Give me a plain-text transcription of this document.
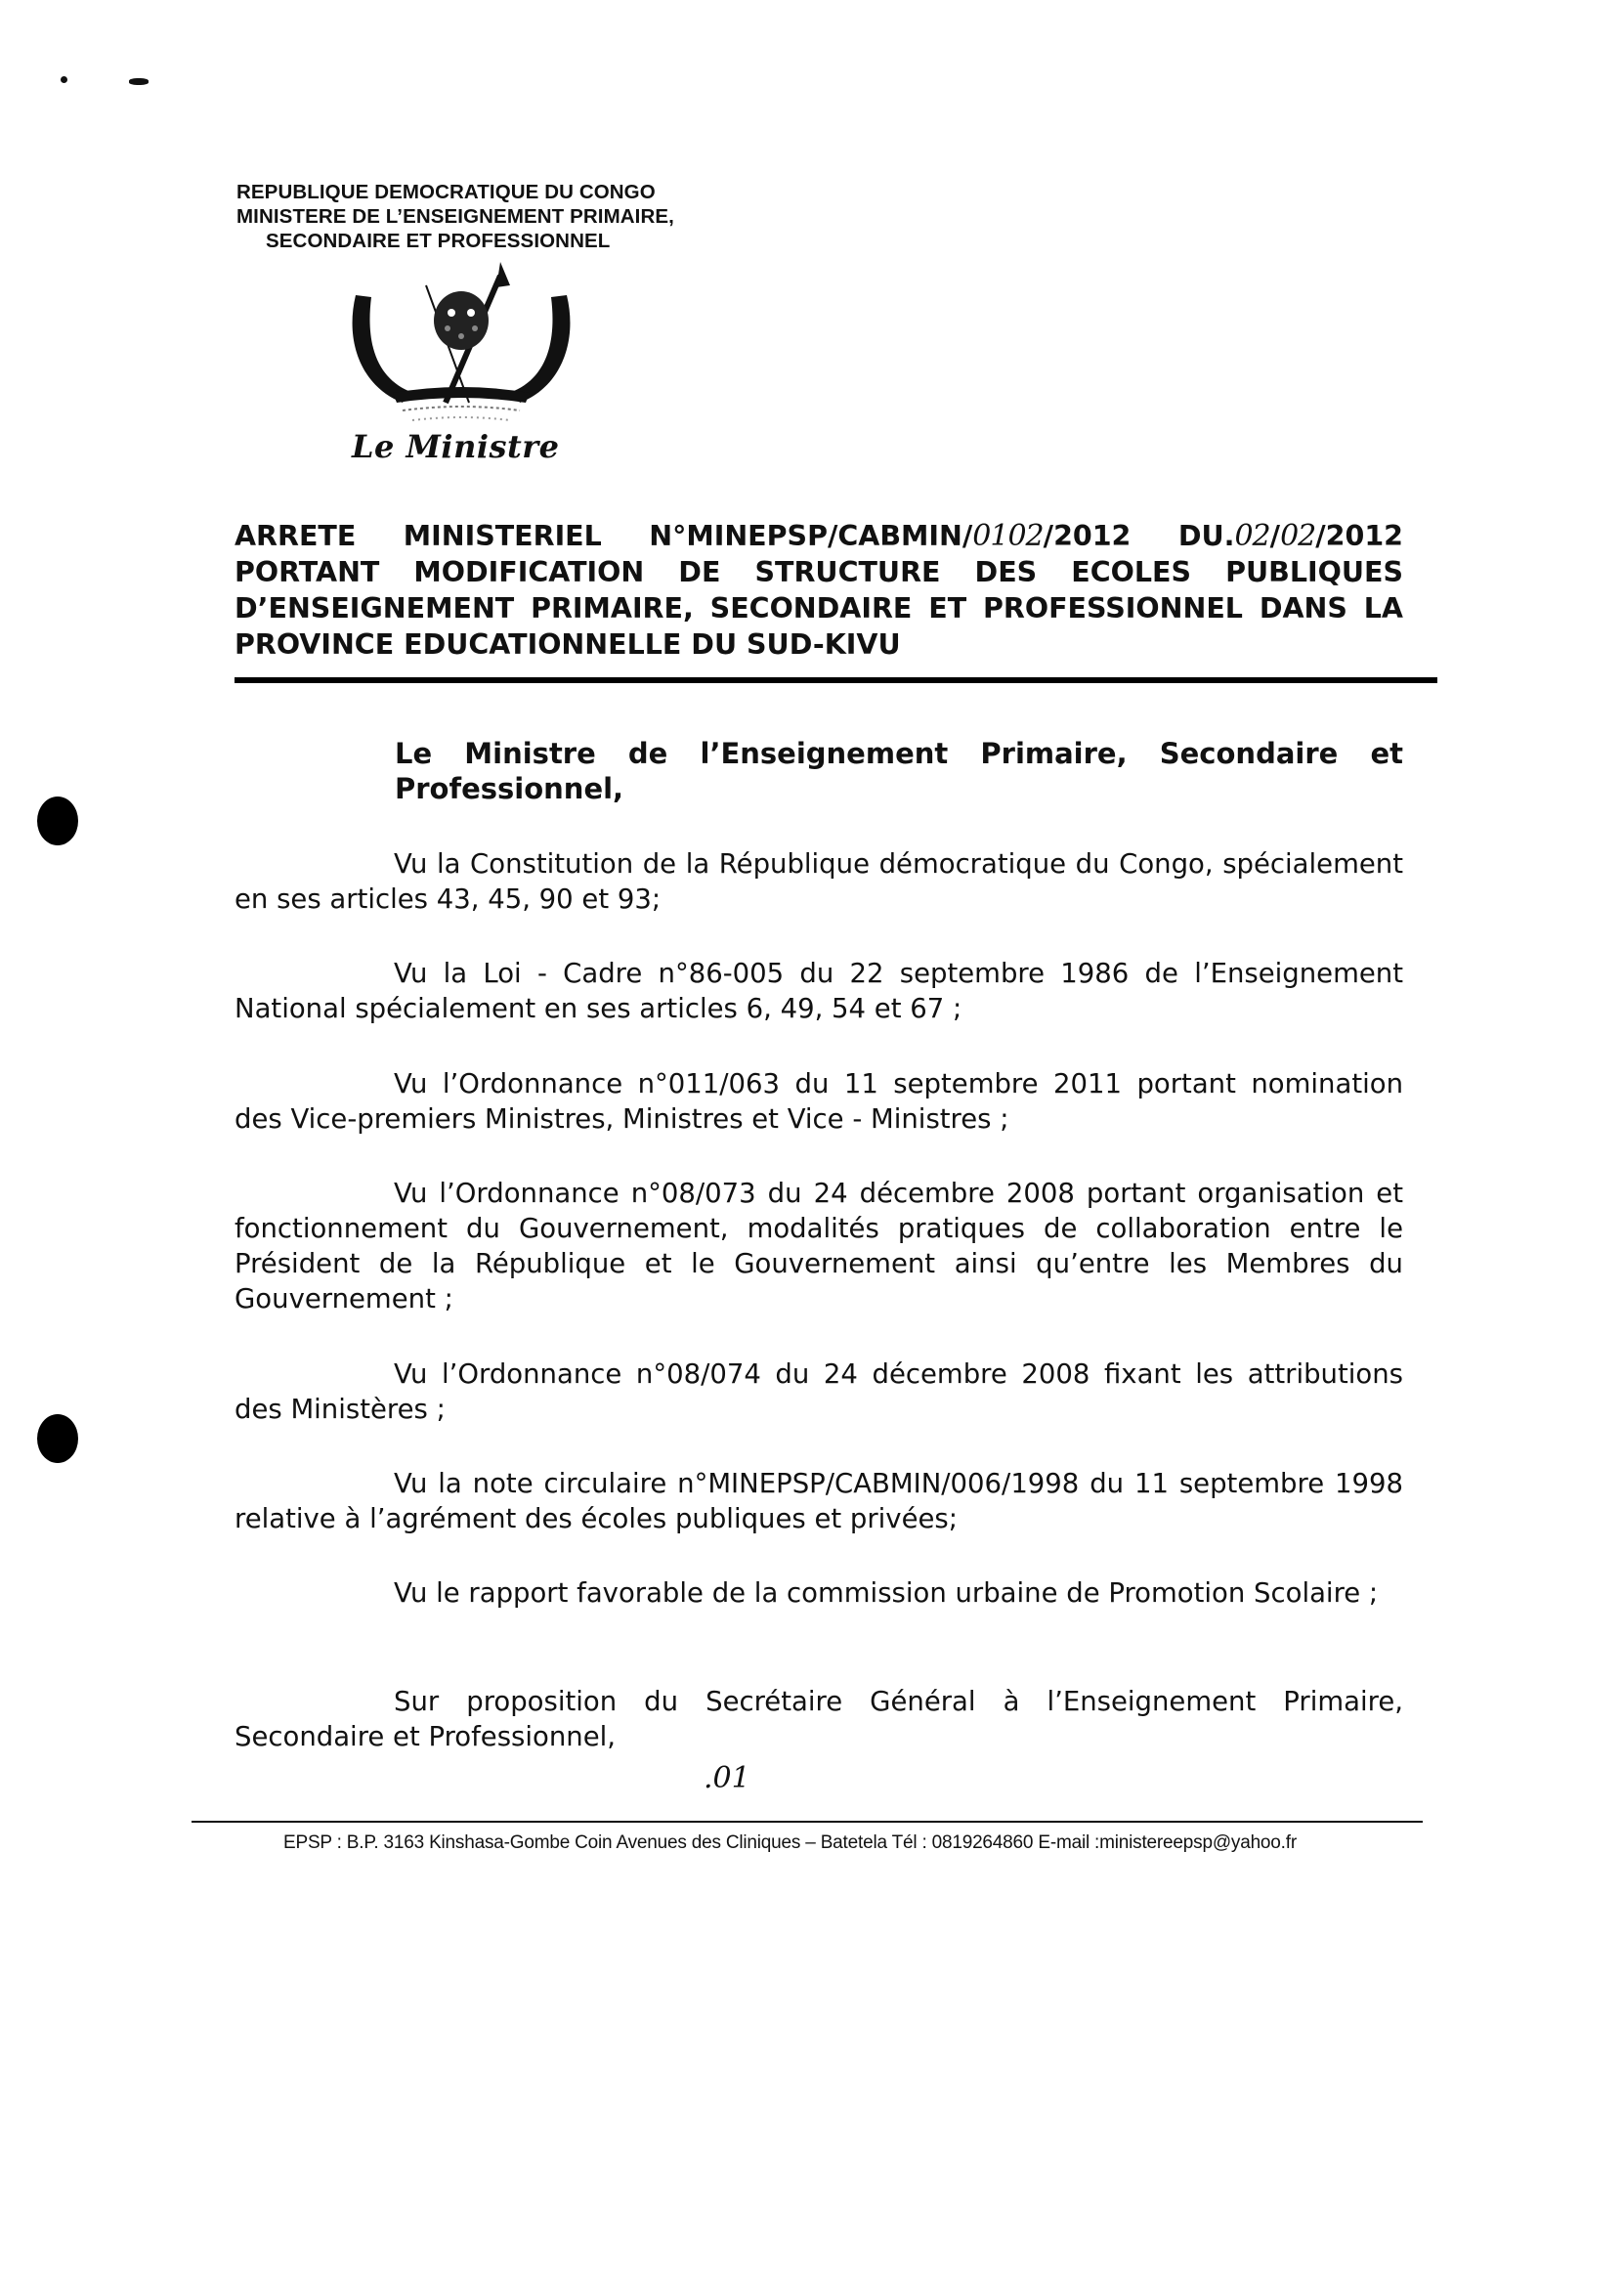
REPUBLIQUE DEMOCRATIQUE DU CONGO
MINISTERE DE L’ENSEIGNEMENT PRIMAIRE,
SECONDAIRE ET PROFESSIONNEL
Le Ministre
ARRETE MINISTERIEL N°MINEPSP/CABMIN/0102/2012 DU.02/02/2012
PORTANT MODIFICATION DE STRUCTURE DES ECOLES PUBLIQUES
D’ENSEIGNEMENT PRIMAIRE, SECONDAIRE ET PROFESSIONNEL DANS LA
PROVINCE EDUCATIONNELLE DU SUD-KIVU
Le Ministre de l’Enseignement Primaire, Secondaire et Professionnel,

Vu la Constitution de la République démocratique du Congo, spécialement en ses articles 43, 45, 90 et 93;

Vu la Loi - Cadre n°86-005 du 22 septembre 1986 de l’Enseignement National spécialement en ses articles 6, 49, 54 et 67 ;

Vu l’Ordonnance n°011/063 du 11 septembre 2011 portant nomination des Vice-premiers Ministres, Ministres et Vice - Ministres ;

Vu l’Ordonnance n°08/073 du 24 décembre 2008 portant organisation et fonctionnement du Gouvernement, modalités pratiques de collaboration entre le Président de la République et le Gouvernement ainsi qu’entre les Membres du Gouvernement ;

Vu l’Ordonnance n°08/074 du 24 décembre 2008 fixant les attributions des Ministères ;

Vu la note circulaire n°MINEPSP/CABMIN/006/1998 du 11 septembre 1998 relative à l’agrément des écoles publiques et privées;

Vu le rapport favorable de la commission urbaine de Promotion Scolaire ;

Sur proposition du Secrétaire Général à l’Enseignement Primaire, Secondaire et Professionnel,

.01
EPSP : B.P. 3163 Kinshasa-Gombe Coin Avenues des Cliniques – Batetela Tél : 0819264860 E-mail :ministereepsp@yahoo.fr
